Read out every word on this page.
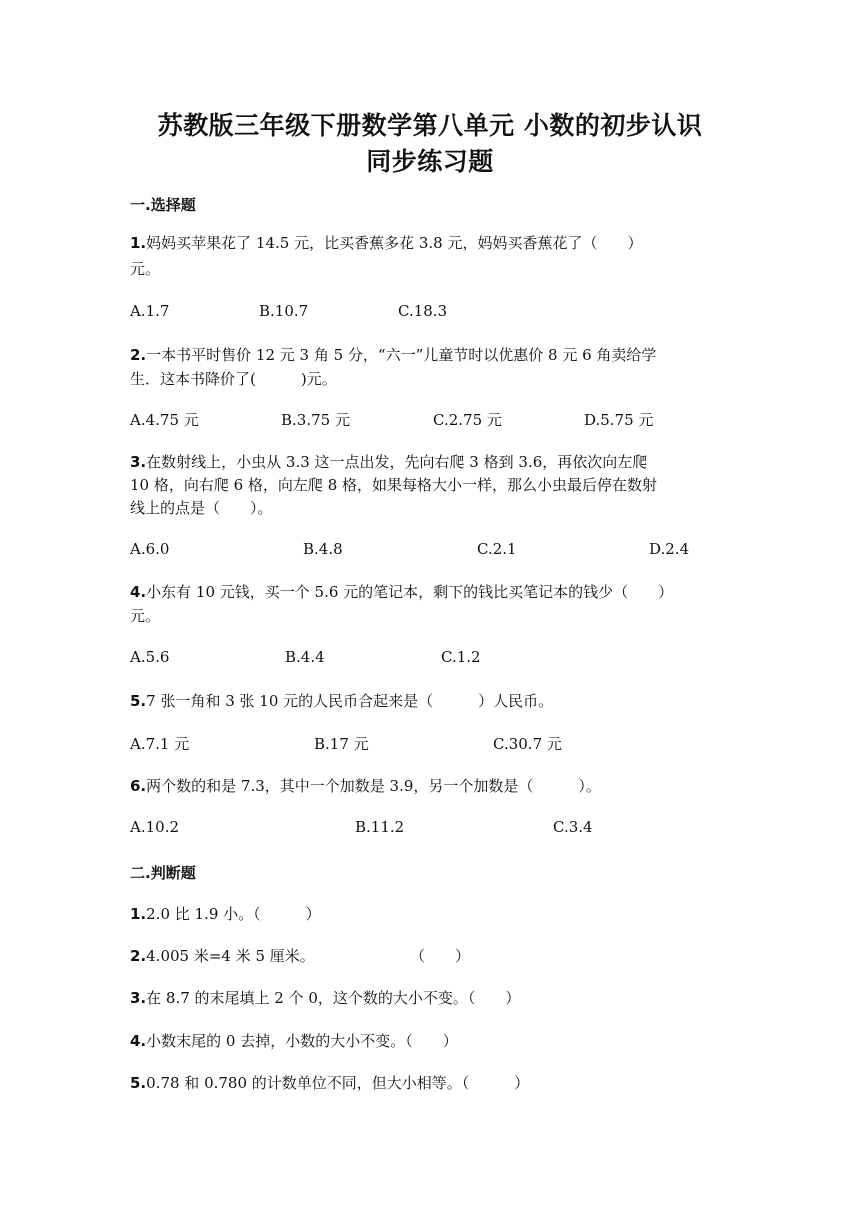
苏教版三年级下册数学第八单元 小数的初步认识
同步练习题
一.选择题
1.妈妈买苹果花了 14.5 元，比买香蕉多花 3.8 元，妈妈买香蕉花了（　　）
元。
A.1.7	B.10.7	C.18.3
2.一本书平时售价 12 元 3 角 5 分，“六一”儿童节时以优惠价 8 元 6 角卖给学
生．这本书降价了(　　　)元。
A.4.75 元	B.3.75 元	C.2.75 元	D.5.75 元
3.在数射线上，小虫从 3.3 这一点出发，先向右爬 3 格到 3.6，再依次向左爬
10 格，向右爬 6 格，向左爬 8 格，如果每格大小一样，那么小虫最后停在数射
线上的点是（　　）。
A.6.0	B.4.8	C.2.1	D.2.4
4.小东有 10 元钱，买一个 5.6 元的笔记本，剩下的钱比买笔记本的钱少（　　）
元。
A.5.6	B.4.4	C.1.2
5.7 张一角和 3 张 10 元的人民币合起来是（　　　）人民币。
A.7.1 元	B.17 元	C.30.7 元
6.两个数的和是 7.3，其中一个加数是 3.9，另一个加数是（　　　）。
A.10.2	B.11.2	C.3.4
二.判断题
1.2.0 比 1.9 小。（　　　）
2.4.005 米=4 米 5 厘米。	（　　）
3.在 8.7 的末尾填上 2 个 0，这个数的大小不变。（　　）
4.小数末尾的 0 去掉，小数的大小不变。（　　）
5.0.78 和 0.780 的计数单位不同，但大小相等。（　　　）
